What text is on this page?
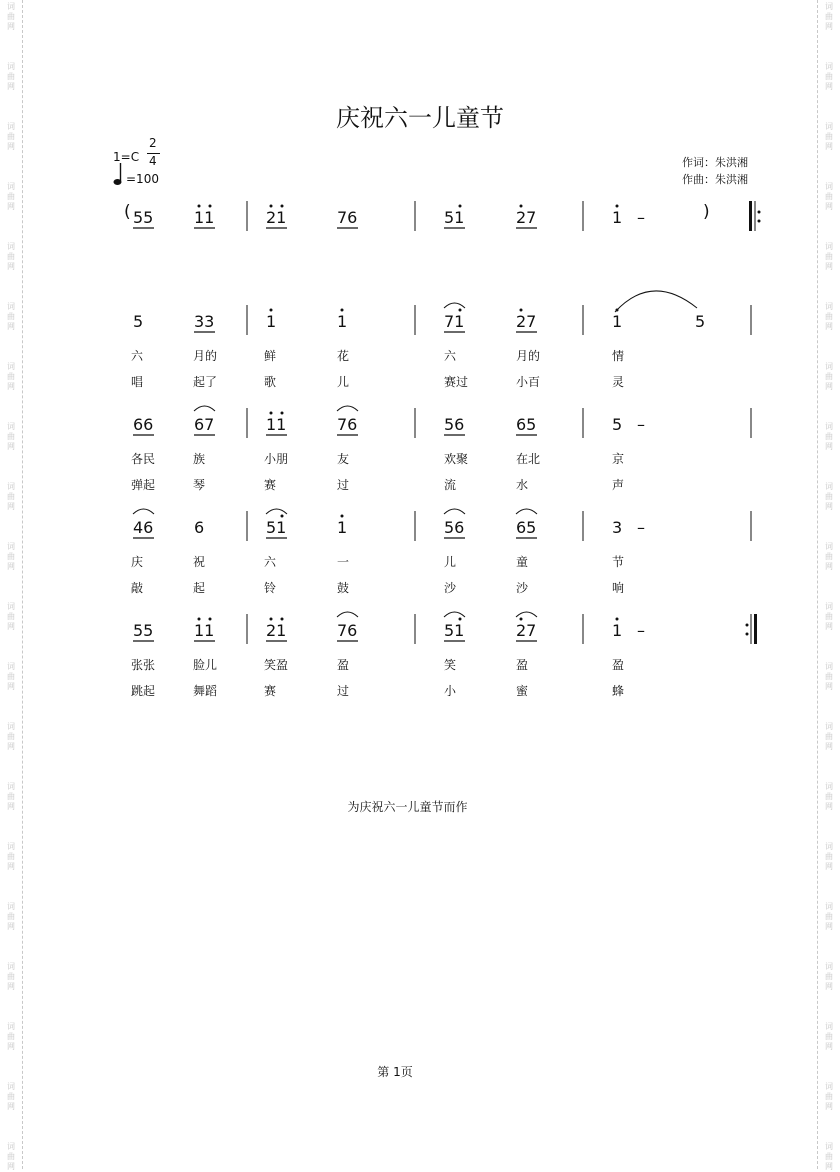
词
曲
网
词
曲
网
词
曲
网
词
曲
网
词
曲
网
词
曲
网
词
曲
网
词
曲
网
词
曲
网
词
曲
网
词
曲
网
词
曲
网
词
曲
网
词
曲
网
词
曲
网
词
曲
网
词
曲
网
词
曲
网
词
曲
网
词
曲
网
词
曲
网
词
曲
网
词
曲
网
词
曲
网
词
曲
网
词
曲
网
词
曲
网
词
曲
网
词
曲
网
词
曲
网
词
曲
网
词
曲
网
词
曲
网
词
曲
网
词
曲
网
词
曲
网
词
曲
网
词
曲
网
词
曲
网
词
曲
网
庆祝六一儿童节
1=C
2
4
=100
作词：朱洪湘
作曲：朱洪湘
( 55	11	21	76	51	27	1 –	)
5	33	1	1	71	27	1	5
六	月的	鲜	花	六	月的	情
唱	起了	歌	儿	赛过	小百	灵
66	67	11	76	56	65	5 –
各民	族	小朋	友	欢聚	在北	京
弹起	琴	赛	过	流	水	声
46	6	51	1	56	65	3 –
庆	祝	六	一	儿	童	节
敲	起	铃	鼓	沙	沙	响
55	11	21	76	51	27	1 –
张张	脸儿	笑盈	盈	笑	盈	盈
跳起	舞蹈	赛	过	小	蜜	蜂
为庆祝六一儿童节而作
第 1页
